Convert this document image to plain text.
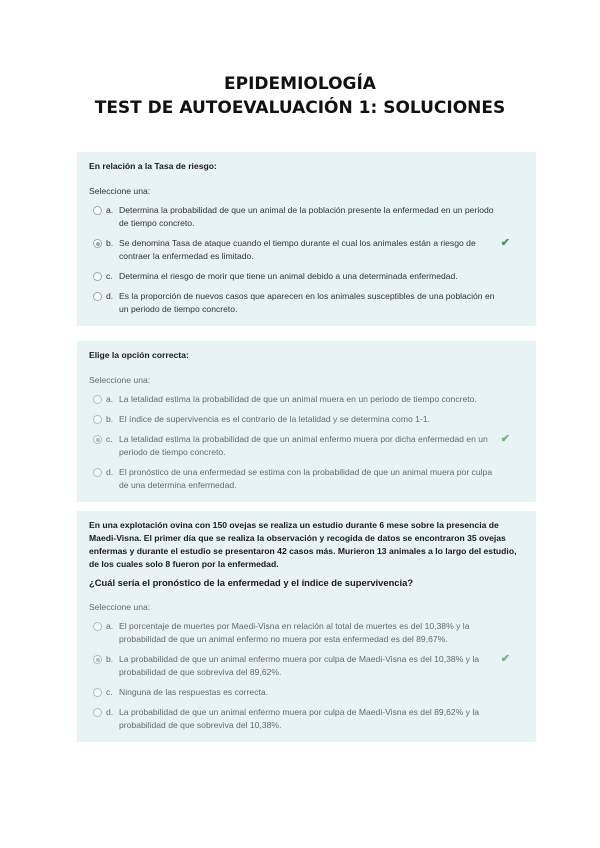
EPIDEMIOLOGÍA
TEST DE AUTOEVALUACIÓN 1: SOLUCIONES
En relación a la Tasa de riesgo:
Seleccione una:
a. Determina la probabilidad de que un animal de la población presente la enfermedad en un periodo de tiempo concreto.
b. Se denomina Tasa de ataque cuando el tiempo durante el cual los animales están a riesgo de contraer la enfermedad es limitado.
✔
c. Determina el riesgo de morir que tiene un animal debido a una determinada enfermedad.
d. Es la proporción de nuevos casos que aparecen en los animales susceptibles de una población en un periodo de tiempo concreto.
Elige la opción correcta:
Seleccione una:
a. La letalidad estima la probabilidad de que un animal muera en un periodo de tiempo concreto.
b. El índice de supervivencia es el contrario de la letalidad y se determina como 1-1.
c. La letalidad estima la probabilidad de que un animal enfermo muera por dicha enfermedad en un periodo de tiempo concreto.
✔
d. El pronóstico de una enfermedad se estima con la probabilidad de que un animal muera por culpa de una determina enfermedad.
En una explotación ovina con 150 ovejas se realiza un estudio durante 6 mese sobre la presencia de Maedi-Visna. El primer día que se realiza la observación y recogida de datos se encontraron 35 ovejas enfermas y durante el estudio se presentaron 42 casos más. Murieron 13 animales a lo largo del estudio, de los cuales solo 8 fueron por la enfermedad.
¿Cuál sería el pronóstico de la enfermedad y el índice de supervivencia?
Seleccione una:
a. El porcentaje de muertes por Maedi-Visna en relación al total de muertes es del 10,38% y la probabilidad de que un animal enfermo no muera por esta enfermedad es del 89,67%.
b. La probabilidad de que un animal enfermo muera por culpa de Maedi-Visna es del 10,38% y la probabilidad de que sobreviva del 89,62%.
✔
c. Ninguna de las respuestas es correcta.
d. La probabilidad de que un animal enfermo muera por culpa de Maedi-Visna es del 89,62% y la probabilidad de que sobreviva del 10,38%.
